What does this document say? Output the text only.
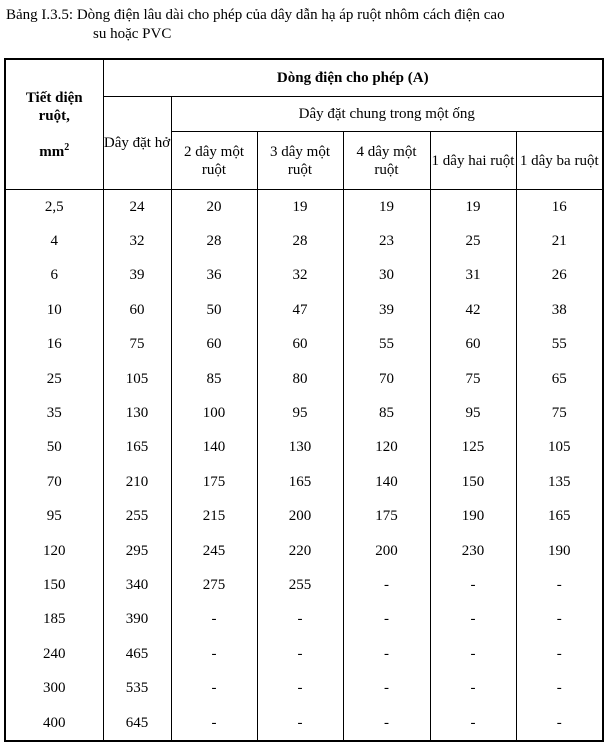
Bảng I.3.5: Dòng điện lâu dài cho phép của dây dẫn hạ áp ruột nhôm cách điện cao
su hoặc PVC
Tiết diện
ruột,

$mm^2$	Dòng điện cho phép (A)					
	Dây đặt hở	Dây đặt chung trong một ống				
		2 dây một ruột	3 dây một ruột	4 dây một ruột	1 dây hai ruột	1 dây ba ruột
2,5	24	20	19	19	19	16
4	32	28	28	23	25	21
6	39	36	32	30	31	26
10	60	50	47	39	42	38
16	75	60	60	55	60	55
25	105	85	80	70	75	65
35	130	100	95	85	95	75
50	165	140	130	120	125	105
70	210	175	165	140	150	135
95	255	215	200	175	190	165
120	295	245	220	200	230	190
150	340	275	255	-	-	-
185	390	-	-	-	-	-
240	465	-	-	-	-	-
300	535	-	-	-	-	-
400	645	-	-	-	-	-
